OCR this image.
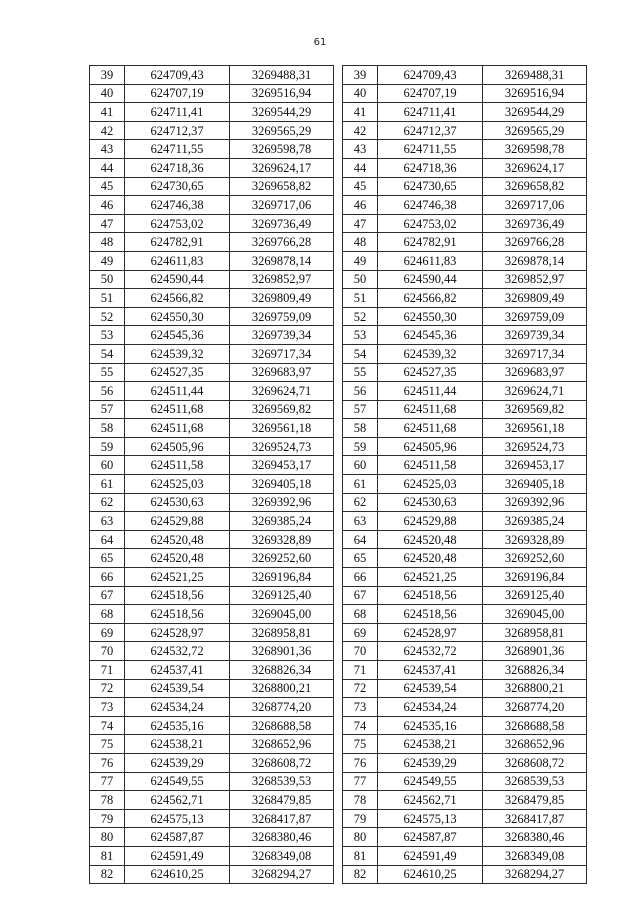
61
39	624709,43	3269488,31
40	624707,19	3269516,94
41	624711,41	3269544,29
42	624712,37	3269565,29
43	624711,55	3269598,78
44	624718,36	3269624,17
45	624730,65	3269658,82
46	624746,38	3269717,06
47	624753,02	3269736,49
48	624782,91	3269766,28
49	624611,83	3269878,14
50	624590,44	3269852,97
51	624566,82	3269809,49
52	624550,30	3269759,09
53	624545,36	3269739,34
54	624539,32	3269717,34
55	624527,35	3269683,97
56	624511,44	3269624,71
57	624511,68	3269569,82
58	624511,68	3269561,18
59	624505,96	3269524,73
60	624511,58	3269453,17
61	624525,03	3269405,18
62	624530,63	3269392,96
63	624529,88	3269385,24
64	624520,48	3269328,89
65	624520,48	3269252,60
66	624521,25	3269196,84
67	624518,56	3269125,40
68	624518,56	3269045,00
69	624528,97	3268958,81
70	624532,72	3268901,36
71	624537,41	3268826,34
72	624539,54	3268800,21
73	624534,24	3268774,20
74	624535,16	3268688,58
75	624538,21	3268652,96
76	624539,29	3268608,72
77	624549,55	3268539,53
78	624562,71	3268479,85
79	624575,13	3268417,87
80	624587,87	3268380,46
81	624591,49	3268349,08
82	624610,25	3268294,27
39	624709,43	3269488,31
40	624707,19	3269516,94
41	624711,41	3269544,29
42	624712,37	3269565,29
43	624711,55	3269598,78
44	624718,36	3269624,17
45	624730,65	3269658,82
46	624746,38	3269717,06
47	624753,02	3269736,49
48	624782,91	3269766,28
49	624611,83	3269878,14
50	624590,44	3269852,97
51	624566,82	3269809,49
52	624550,30	3269759,09
53	624545,36	3269739,34
54	624539,32	3269717,34
55	624527,35	3269683,97
56	624511,44	3269624,71
57	624511,68	3269569,82
58	624511,68	3269561,18
59	624505,96	3269524,73
60	624511,58	3269453,17
61	624525,03	3269405,18
62	624530,63	3269392,96
63	624529,88	3269385,24
64	624520,48	3269328,89
65	624520,48	3269252,60
66	624521,25	3269196,84
67	624518,56	3269125,40
68	624518,56	3269045,00
69	624528,97	3268958,81
70	624532,72	3268901,36
71	624537,41	3268826,34
72	624539,54	3268800,21
73	624534,24	3268774,20
74	624535,16	3268688,58
75	624538,21	3268652,96
76	624539,29	3268608,72
77	624549,55	3268539,53
78	624562,71	3268479,85
79	624575,13	3268417,87
80	624587,87	3268380,46
81	624591,49	3268349,08
82	624610,25	3268294,27
